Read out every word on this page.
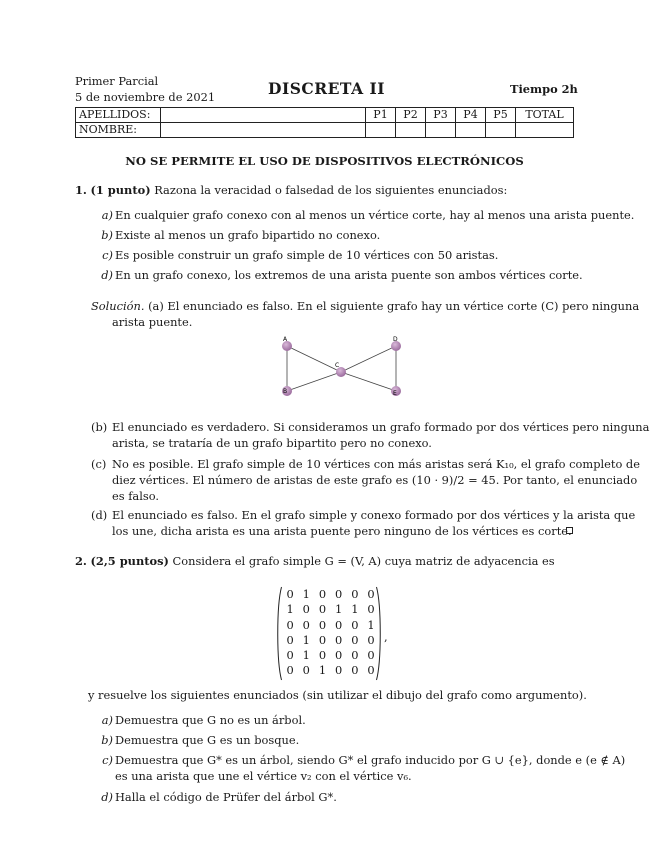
Primer Parcial
5 de noviembre de 2021	DISCRETA II	Tiempo 2h
APELLIDOS:		P1	P2	P3	P4	P5	TOTAL
NOMBRE:							
NO SE PERMITE EL USO DE DISPOSITIVOS ELECTRÓNICOS
1. (1 punto) Razona la veracidad o falsedad de los siguientes enunciados:
a) En cualquier grafo conexo con al menos un vértice corte, hay al menos una arista puente.
b) Existe al menos un grafo bipartido no conexo.
c) Es posible construir un grafo simple de 10 vértices con 50 aristas.
d) En un grafo conexo, los extremos de una arista puente son ambos vértices corte.
Solución. (a) El enunciado es falso. En el siguiente grafo hay un vértice corte (C) pero ninguna
arista puente.
A
B
C
D
E
(b) El enunciado es verdadero. Si consideramos un grafo formado por dos vértices pero ninguna
arista, se trataría de un grafo bipartito pero no conexo.
(c) No es posible. El grafo simple de 10 vértices con más aristas será K₁₀, el grafo completo de
diez vértices. El número de aristas de este grafo es (10 · 9)/2 = 45. Por tanto, el enunciado
es falso.
(d) El enunciado es falso. En el grafo simple y conexo formado por dos vértices y la arista que
los une, dicha arista es una arista puente pero ninguno de los vértices es corte.
2. (2,5 puntos) Considera el grafo simple G = (V, A) cuya matriz de adyacencia es
0 1 0 0 0 0
1 0 0 1 1 0
0 0 0 0 0 1
0 1 0 0 0 0
0 1 0 0 0 0
0 0 1 0 0 0
,
y resuelve los siguientes enunciados (sin utilizar el dibujo del grafo como argumento).
a) Demuestra que G no es un árbol.
b) Demuestra que G es un bosque.
c) Demuestra que G* es un árbol, siendo G* el grafo inducido por G ∪ {e}, donde e (e ∉ A)
es una arista que une el vértice v₂ con el vértice v₆.
d) Halla el código de Prüfer del árbol G*.
